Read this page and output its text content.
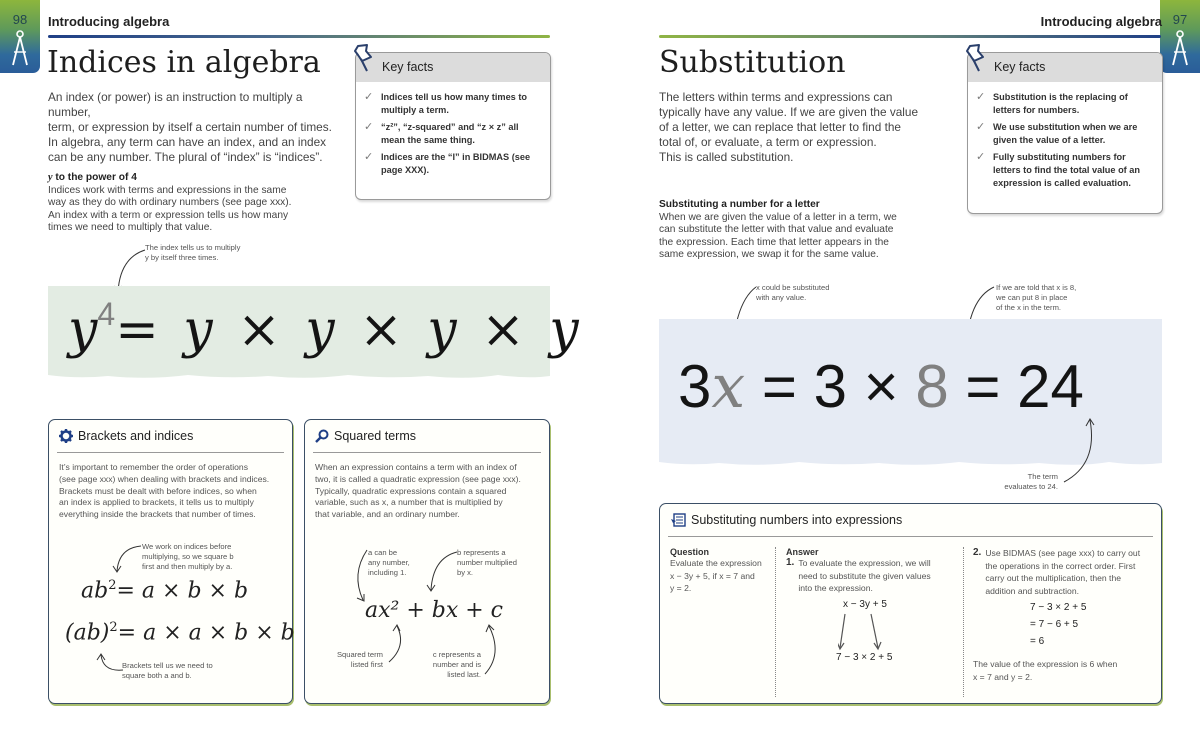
98	Introducing algebra
Indices in algebra
An index (or power) is an instruction to multiply a number,
term, or expression by itself a certain number of times.
In algebra, any term can have an index, and an index
can be any number. The plural of “index” is “indices”.
Key facts
✓ Indices tell us how many times to multiply a term.
✓ “z²”, “z-squared” and “z × z” all mean the same thing.
✓ Indices are the “I” in BIDMAS (see page XXX).
y to the power of 4
Indices work with terms and expressions in the same
way as they do with ordinary numbers (see page xxx).
An index with a term or expression tells us how many
times we need to multiply that value.
The index tells us to multiply
y by itself three times.
$y^4= y \times y \times y \times y$
Brackets and indices
It’s important to remember the order of operations
(see page xxx) when dealing with brackets and indices.
Brackets must be dealt with before indices, so when
an index is applied to brackets, it tells us to multiply
everything inside the brackets that number of times.
We work on indices before
multiplying, so we square b
first and then multiply by a.
$ab^2= a \times b \times b$
(ab)$^2$= a × a × b × b
Brackets tell us we need to
square both a and b.
Squared terms
When an expression contains a term with an index of
two, it is called a quadratic expression (see page xxx).
Typically, quadratic expressions contain a squared
variable, such as x, a number that is multiplied by
that variable, and an ordinary number.
a can be
any number,
including 1.
b represents a
number multiplied
by x.
ax² + bx + c
Squared term
listed first
c represents a
number and is
listed last.
97
Introducing algebra
Substitution
The letters within terms and expressions can
typically have any value. If we are given the value
of a letter, we can replace that letter to find the
total of, or evaluate, a term or expression.
This is called substitution.
Key facts
✓ Substitution is the replacing of letters for numbers.
✓ We use substitution when we are given the value of a letter.
✓ Fully substituting numbers for letters to find the total value of an expression is called evaluation.
Substituting a number for a letter
When we are given the value of a letter in a term, we
can substitute the letter with that value and evaluate
the expression. Each time that letter appears in the
same expression, we swap it for the same value.
x could be substituted
with any value.
If we are told that x is 8,
we can put 8 in place
of the x in the term.
3x = 3 × 8 = 24
The term
evaluates to 24.
Substituting numbers into expressions
Question
Evaluate the expression
x − 3y + 5, if x = 7 and
y = 2.
Answer
1. To evaluate the expression, we will
need to substitute the given values
into the expression.
x − 3y + 5
7 − 3 × 2 + 5
2. Use BIDMAS (see page xxx) to carry out
the operations in the correct order. First
carry out the multiplication, then the
addition and subtraction.
7 − 3 × 2 + 5
= 7 − 6 + 5
= 6
The value of the expression is 6 when
x = 7 and y = 2.
